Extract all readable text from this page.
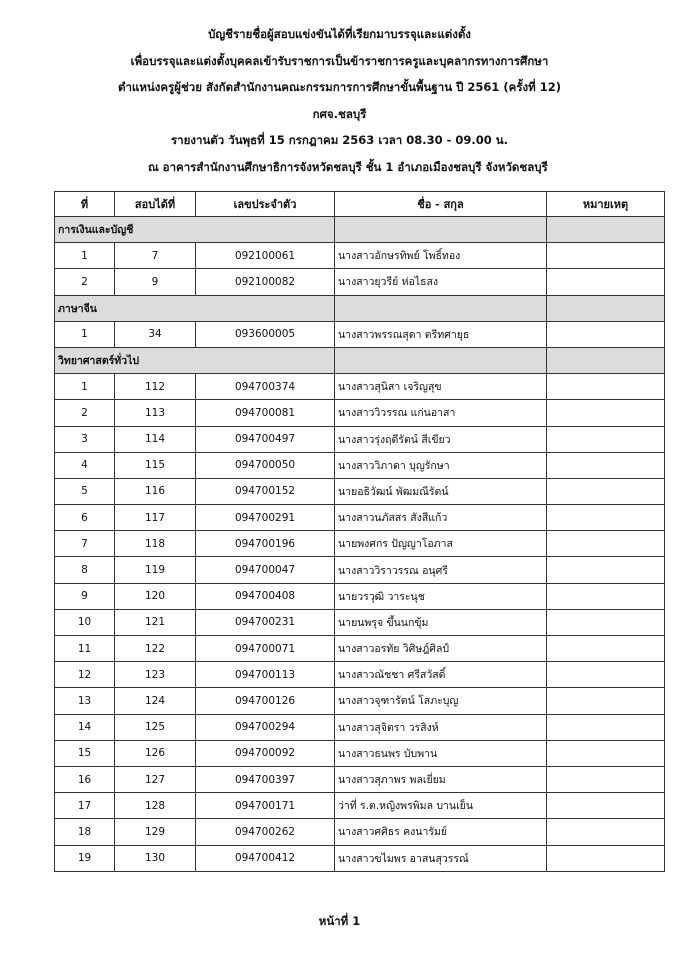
บัญชีรายชื่อผู้สอบแข่งขันได้ที่เรียกมาบรรจุและแต่งตั้ง
เพื่อบรรจุและแต่งตั้งบุคคลเข้ารับราชการเป็นข้าราชการครูและบุคลากรทางการศึกษา
ตำแหน่งครูผู้ช่วย สังกัดสำนักงานคณะกรรมการการศึกษาขั้นพื้นฐาน ปี 2561 (ครั้งที่ 12)
กศจ.ชลบุรี
รายงานตัว วันพุธที่ 15 กรกฎาคม 2563 เวลา 08.30 - 09.00 น.
ณ อาคารสำนักงานศึกษาธิการจังหวัดชลบุรี ชั้น 1 อำเภอเมืองชลบุรี จังหวัดชลบุรี
ที่	สอบได้ที่	เลขประจำตัว	ชื่อ - สกุล	หมายเหตุ
การเงินและบัญชี				
1	7	092100061	นางสาวอักษรทิพย์ โพธิ์ทอง	
2	9	092100082	นางสาวยุวรีย์ ห่อไธสง	
ภาษาจีน				
1	34	093600005	นางสาวพรรณสุดา ตรีทศายุธ	
วิทยาศาสตร์ทั่วไป				
1	112	094700374	นางสาวสุนิสา เจริญสุข	
2	113	094700081	นางสาววิวรรณ แก่นอาสา	
3	114	094700497	นางสาวรุ่งฤดีรัตน์ สีเขียว	
4	115	094700050	นางสาววิภาดา บุญรักษา	
5	116	094700152	นายอธิวัฒน์ พัฒมณีรัตน์	
6	117	094700291	นางสาวนภัสสร สังสีแก้ว	
7	118	094700196	นายพงศกร ปัญญาโอภาส	
8	119	094700047	นางสาววิราวรรณ อนุศรี	
9	120	094700408	นายวรวุฒิ วาระนุช	
10	121	094700231	นายนพรุจ ขึ้นนกขุ้ม	
11	122	094700071	นางสาวอรทัย วิศิษฎ์ศิลป์	
12	123	094700113	นางสาวณัชชา ศรีสวัสดิ์	
13	124	094700126	นางสาวจุฑารัตน์ โสภะบุญ	
14	125	094700294	นางสาวสุจิตรา วรสิงห์	
15	126	094700092	นางสาวธนพร บับพาน	
16	127	094700397	นางสาวสุภาพร พลเยี่ยม	
17	128	094700171	ว่าที่ ร.ต.หญิงพรพิมล บานเย็น	
18	129	094700262	นางสาวศศิธร คงนารัมย์	
19	130	094700412	นางสาวขไมพร อาสนสุวรรณ์	
หน้าที่ 1
